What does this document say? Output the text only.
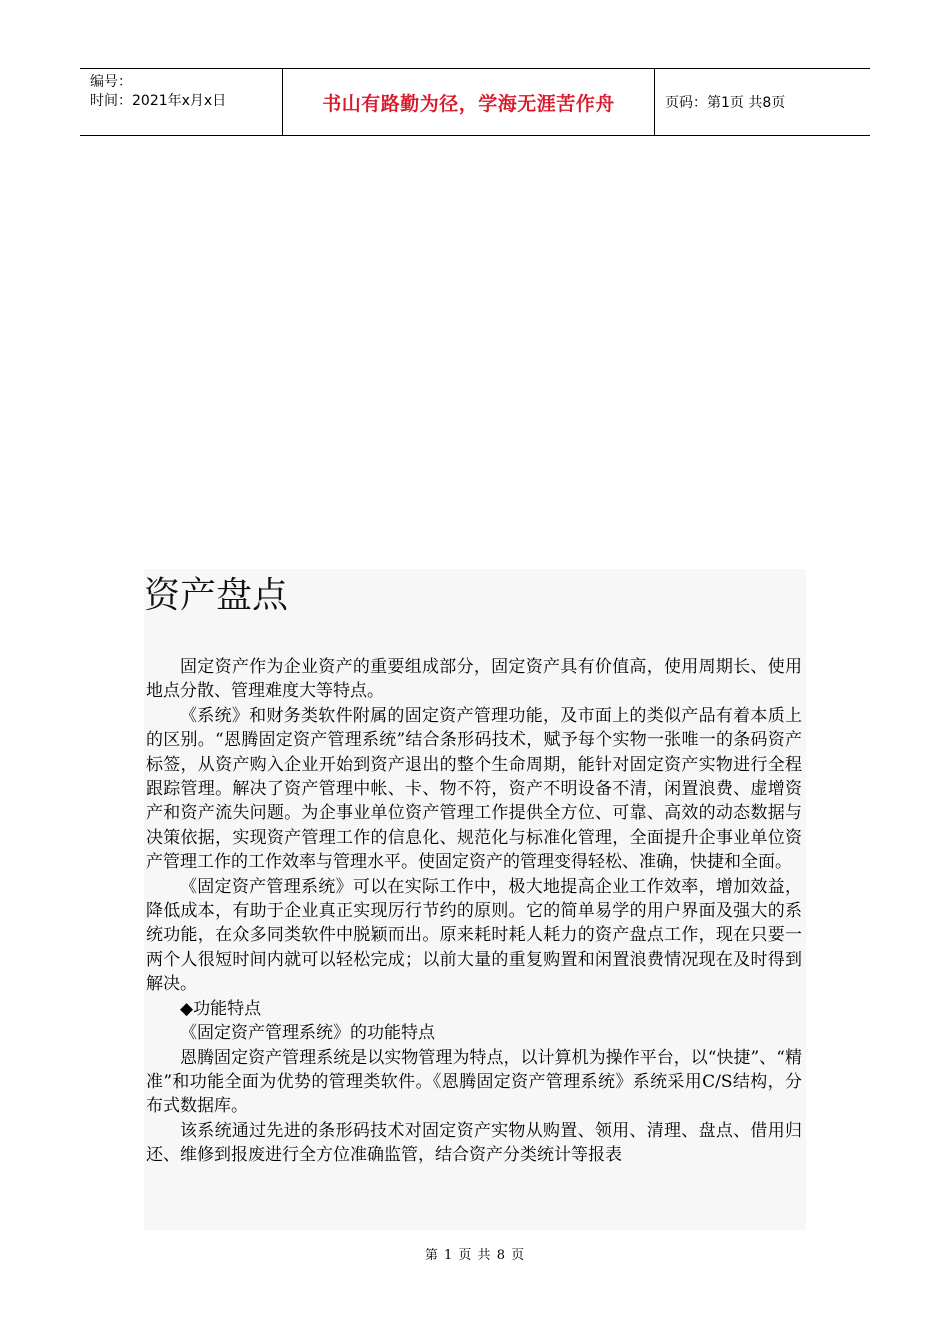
编号：
时间：2021年x月x日	书山有路勤为径，学海无涯苦作舟	页码：第1页 共8页
资产盘点

固定资产作为企业资产的重要组成部分，固定资产具有价值高，使用周期长、使用地点分散、管理难度大等特点。

《系统》和财务类软件附属的固定资产管理功能，及市面上的类似产品有着本质上的区别。“恩腾固定资产管理系统”结合条形码技术，赋予每个实物一张唯一的条码资产标签，从资产购入企业开始到资产退出的整个生命周期，能针对固定资产实物进行全程跟踪管理。解决了资产管理中帐、卡、物不符，资产不明设备不清，闲置浪费、虚增资产和资产流失问题。为企事业单位资产管理工作提供全方位、可靠、高效的动态数据与决策依据，实现资产管理工作的信息化、规范化与标准化管理，全面提升企事业单位资产管理工作的工作效率与管理水平。使固定资产的管理变得轻松、准确，快捷和全面。

《固定资产管理系统》可以在实际工作中，极大地提高企业工作效率，增加效益，降低成本，有助于企业真正实现厉行节约的原则。它的简单易学的用户界面及强大的系统功能，在众多同类软件中脱颖而出。原来耗时耗人耗力的资产盘点工作，现在只要一两个人很短时间内就可以轻松完成；以前大量的重复购置和闲置浪费情况现在及时得到解决。

◆功能特点

《固定资产管理系统》的功能特点

恩腾固定资产管理系统是以实物管理为特点，以计算机为操作平台，以“快捷”、“精准”和功能全面为优势的管理类软件。《恩腾固定资产管理系统》系统采用C/S结构，分布式数据库。

该系统通过先进的条形码技术对固定资产实物从购置、领用、清理、盘点、借用归还、维修到报废进行全方位准确监管，结合资产分类统计等报表

第 1 页 共 8 页
